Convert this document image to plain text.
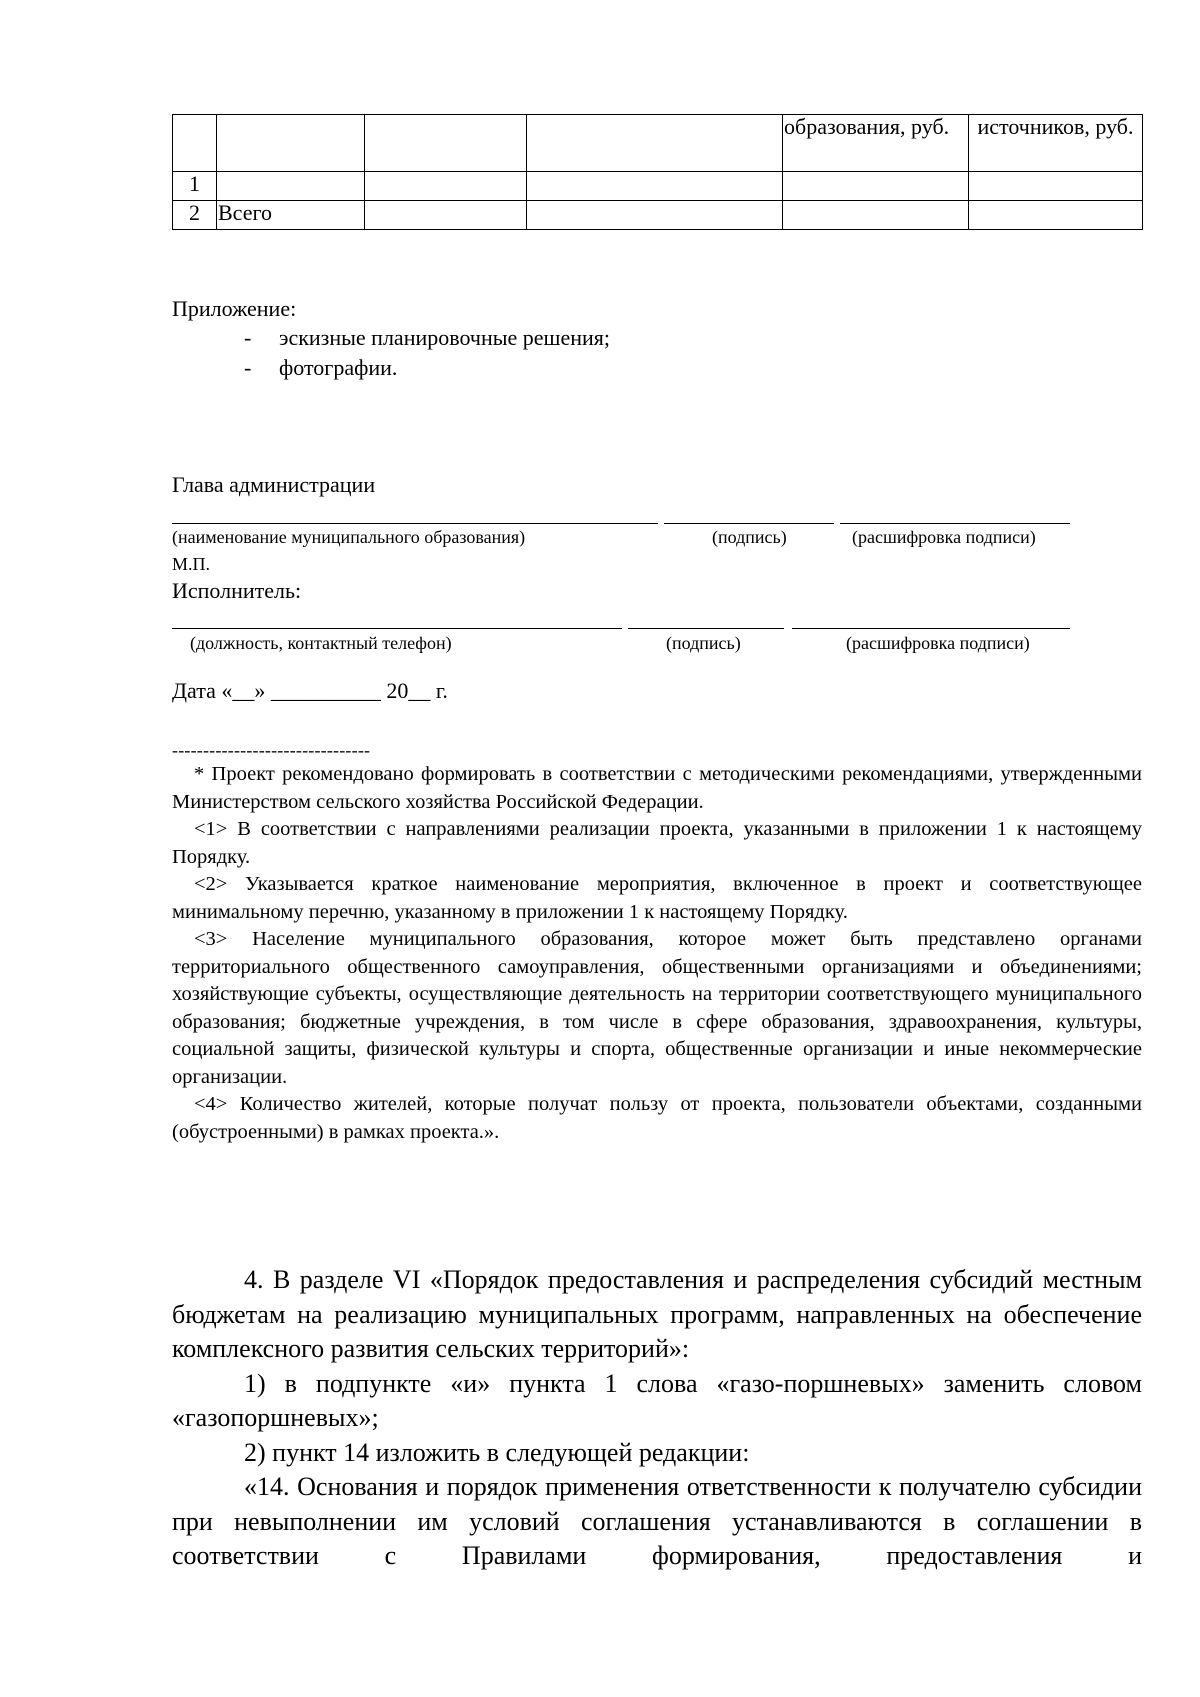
				образования, руб.	источников, руб.
1					
2	Всего				
Приложение:
- эскизные планировочные решения;
- фотографии.
Глава администрации
(наименование муниципального образования)	(подпись)	(расшифровка подписи)
М.П.
Исполнитель:
(должность, контактный телефон)	(подпись)	(расшифровка подписи)
Дата «__» __________ 20__ г.
--------------------------------

* Проект рекомендовано формировать в соответствии с методическими рекомендациями, утвержденными Министерством сельского хозяйства Российской Федерации.

<1> В соответствии с направлениями реализации проекта, указанными в приложении 1 к настоящему Порядку.

<2> Указывается краткое наименование мероприятия, включенное в проект и соответствующее минимальному перечню, указанному в приложении 1 к настоящему Порядку.

<3> Население муниципального образования, которое может быть представлено органами территориального общественного самоуправления, общественными организациями и объединениями; хозяйствующие субъекты, осуществляющие деятельность на территории соответствующего муниципального образования; бюджетные учреждения, в том числе в сфере образования, здравоохранения, культуры, социальной защиты, физической культуры и спорта, общественные организации и иные некоммерческие организации.

<4> Количество жителей, которые получат пользу от проекта, пользователи объектами, созданными (обустроенными) в рамках проекта.».

4. В разделе VI «Порядок предоставления и распределения субсидий местным бюджетам на реализацию муниципальных программ, направленных на обеспечение комплексного развития сельских территорий»:

1) в подпункте «и» пункта 1 слова «газо-поршневых» заменить словом «газопоршневых»;

2) пункт 14 изложить в следующей редакции:

«14. Основания и порядок применения ответственности к получателю субсидии при невыполнении им условий соглашения устанавливаются в соглашении в соответствии с Правилами формирования, предоставления и
